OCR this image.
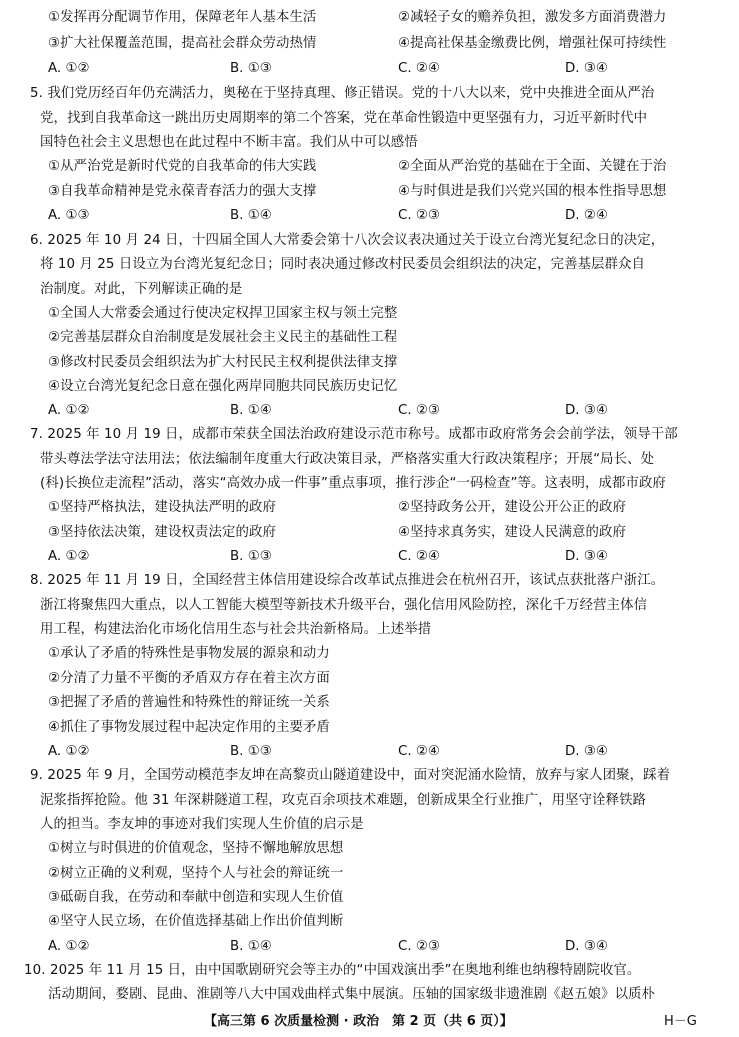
①发挥再分配调节作用，保障老年人基本生活	②减轻子女的赡养负担，激发多方面消费潜力
③扩大社保覆盖范围，提高社会群众劳动热情	④提高社保基金缴费比例，增强社保可持续性
A. ①②	B. ①③	C. ②④	D. ③④
5. 我们党历经百年仍充满活力，奥秘在于坚持真理、修正错误。党的十八大以来，党中央推进全面从严治
党，找到自我革命这一跳出历史周期率的第二个答案，党在革命性锻造中更坚强有力，习近平新时代中
国特色社会主义思想也在此过程中不断丰富。我们从中可以感悟
①从严治党是新时代党的自我革命的伟大实践	②全面从严治党的基础在于全面、关键在于治
③自我革命精神是党永葆青春活力的强大支撑	④与时俱进是我们兴党兴国的根本性指导思想
A. ①③	B. ①④	C. ②③	D. ②④
6. 2025 年 10 月 24 日，十四届全国人大常委会第十八次会议表决通过关于设立台湾光复纪念日的决定，
将 10 月 25 日设立为台湾光复纪念日；同时表决通过修改村民委员会组织法的决定，完善基层群众自
治制度。对此，下列解读正确的是
①全国人大常委会通过行使决定权捍卫国家主权与领土完整
②完善基层群众自治制度是发展社会主义民主的基础性工程
③修改村民委员会组织法为扩大村民民主权利提供法律支撑
④设立台湾光复纪念日意在强化两岸同胞共同民族历史记忆
A. ①②	B. ①④	C. ②③	D. ③④
7. 2025 年 10 月 19 日，成都市荣获全国法治政府建设示范市称号。成都市政府常务会会前学法，领导干部
带头尊法学法守法用法；依法编制年度重大行政决策目录，严格落实重大行政决策程序；开展“局长、处
(科)长换位走流程”活动，落实“高效办成一件事”重点事项，推行涉企“一码检查”等。这表明，成都市政府
①坚持严格执法，建设执法严明的政府	②坚持政务公开，建设公开公正的政府
③坚持依法决策，建设权责法定的政府	④坚持求真务实，建设人民满意的政府
A. ①②	B. ①③	C. ②④	D. ③④
8. 2025 年 11 月 19 日，全国经营主体信用建设综合改革试点推进会在杭州召开，该试点获批落户浙江。
浙江将聚焦四大重点，以人工智能大模型等新技术升级平台，强化信用风险防控，深化千万经营主体信
用工程，构建法治化市场化信用生态与社会共治新格局。上述举措
①承认了矛盾的特殊性是事物发展的源泉和动力
②分清了力量不平衡的矛盾双方存在着主次方面
③把握了矛盾的普遍性和特殊性的辩证统一关系
④抓住了事物发展过程中起决定作用的主要矛盾
A. ①②	B. ①③	C. ②④	D. ③④
9. 2025 年 9 月，全国劳动模范李友坤在高黎贡山隧道建设中，面对突泥涌水险情，放弃与家人团聚，踩着
泥浆指挥抢险。他 31 年深耕隧道工程，攻克百余项技术难题，创新成果全行业推广，用坚守诠释铁路
人的担当。李友坤的事迹对我们实现人生价值的启示是
①树立与时俱进的价值观念，坚持不懈地解放思想
②树立正确的义利观，坚持个人与社会的辩证统一
③砥砺自我，在劳动和奉献中创造和实现人生价值
④坚守人民立场，在价值选择基础上作出价值判断
A. ①②	B. ①④	C. ②③	D. ③④
10. 2025 年 11 月 15 日，由中国歌剧研究会等主办的“中国戏演出季”在奥地利维也纳穆特剧院收官。
活动期间，婺剧、昆曲、淮剧等八大中国戏曲样式集中展演。压轴的国家级非遗淮剧《赵五娘》以质朴
【高三第 6 次质量检测 · 政治　第 2 页（共 6 页）】	H－G
